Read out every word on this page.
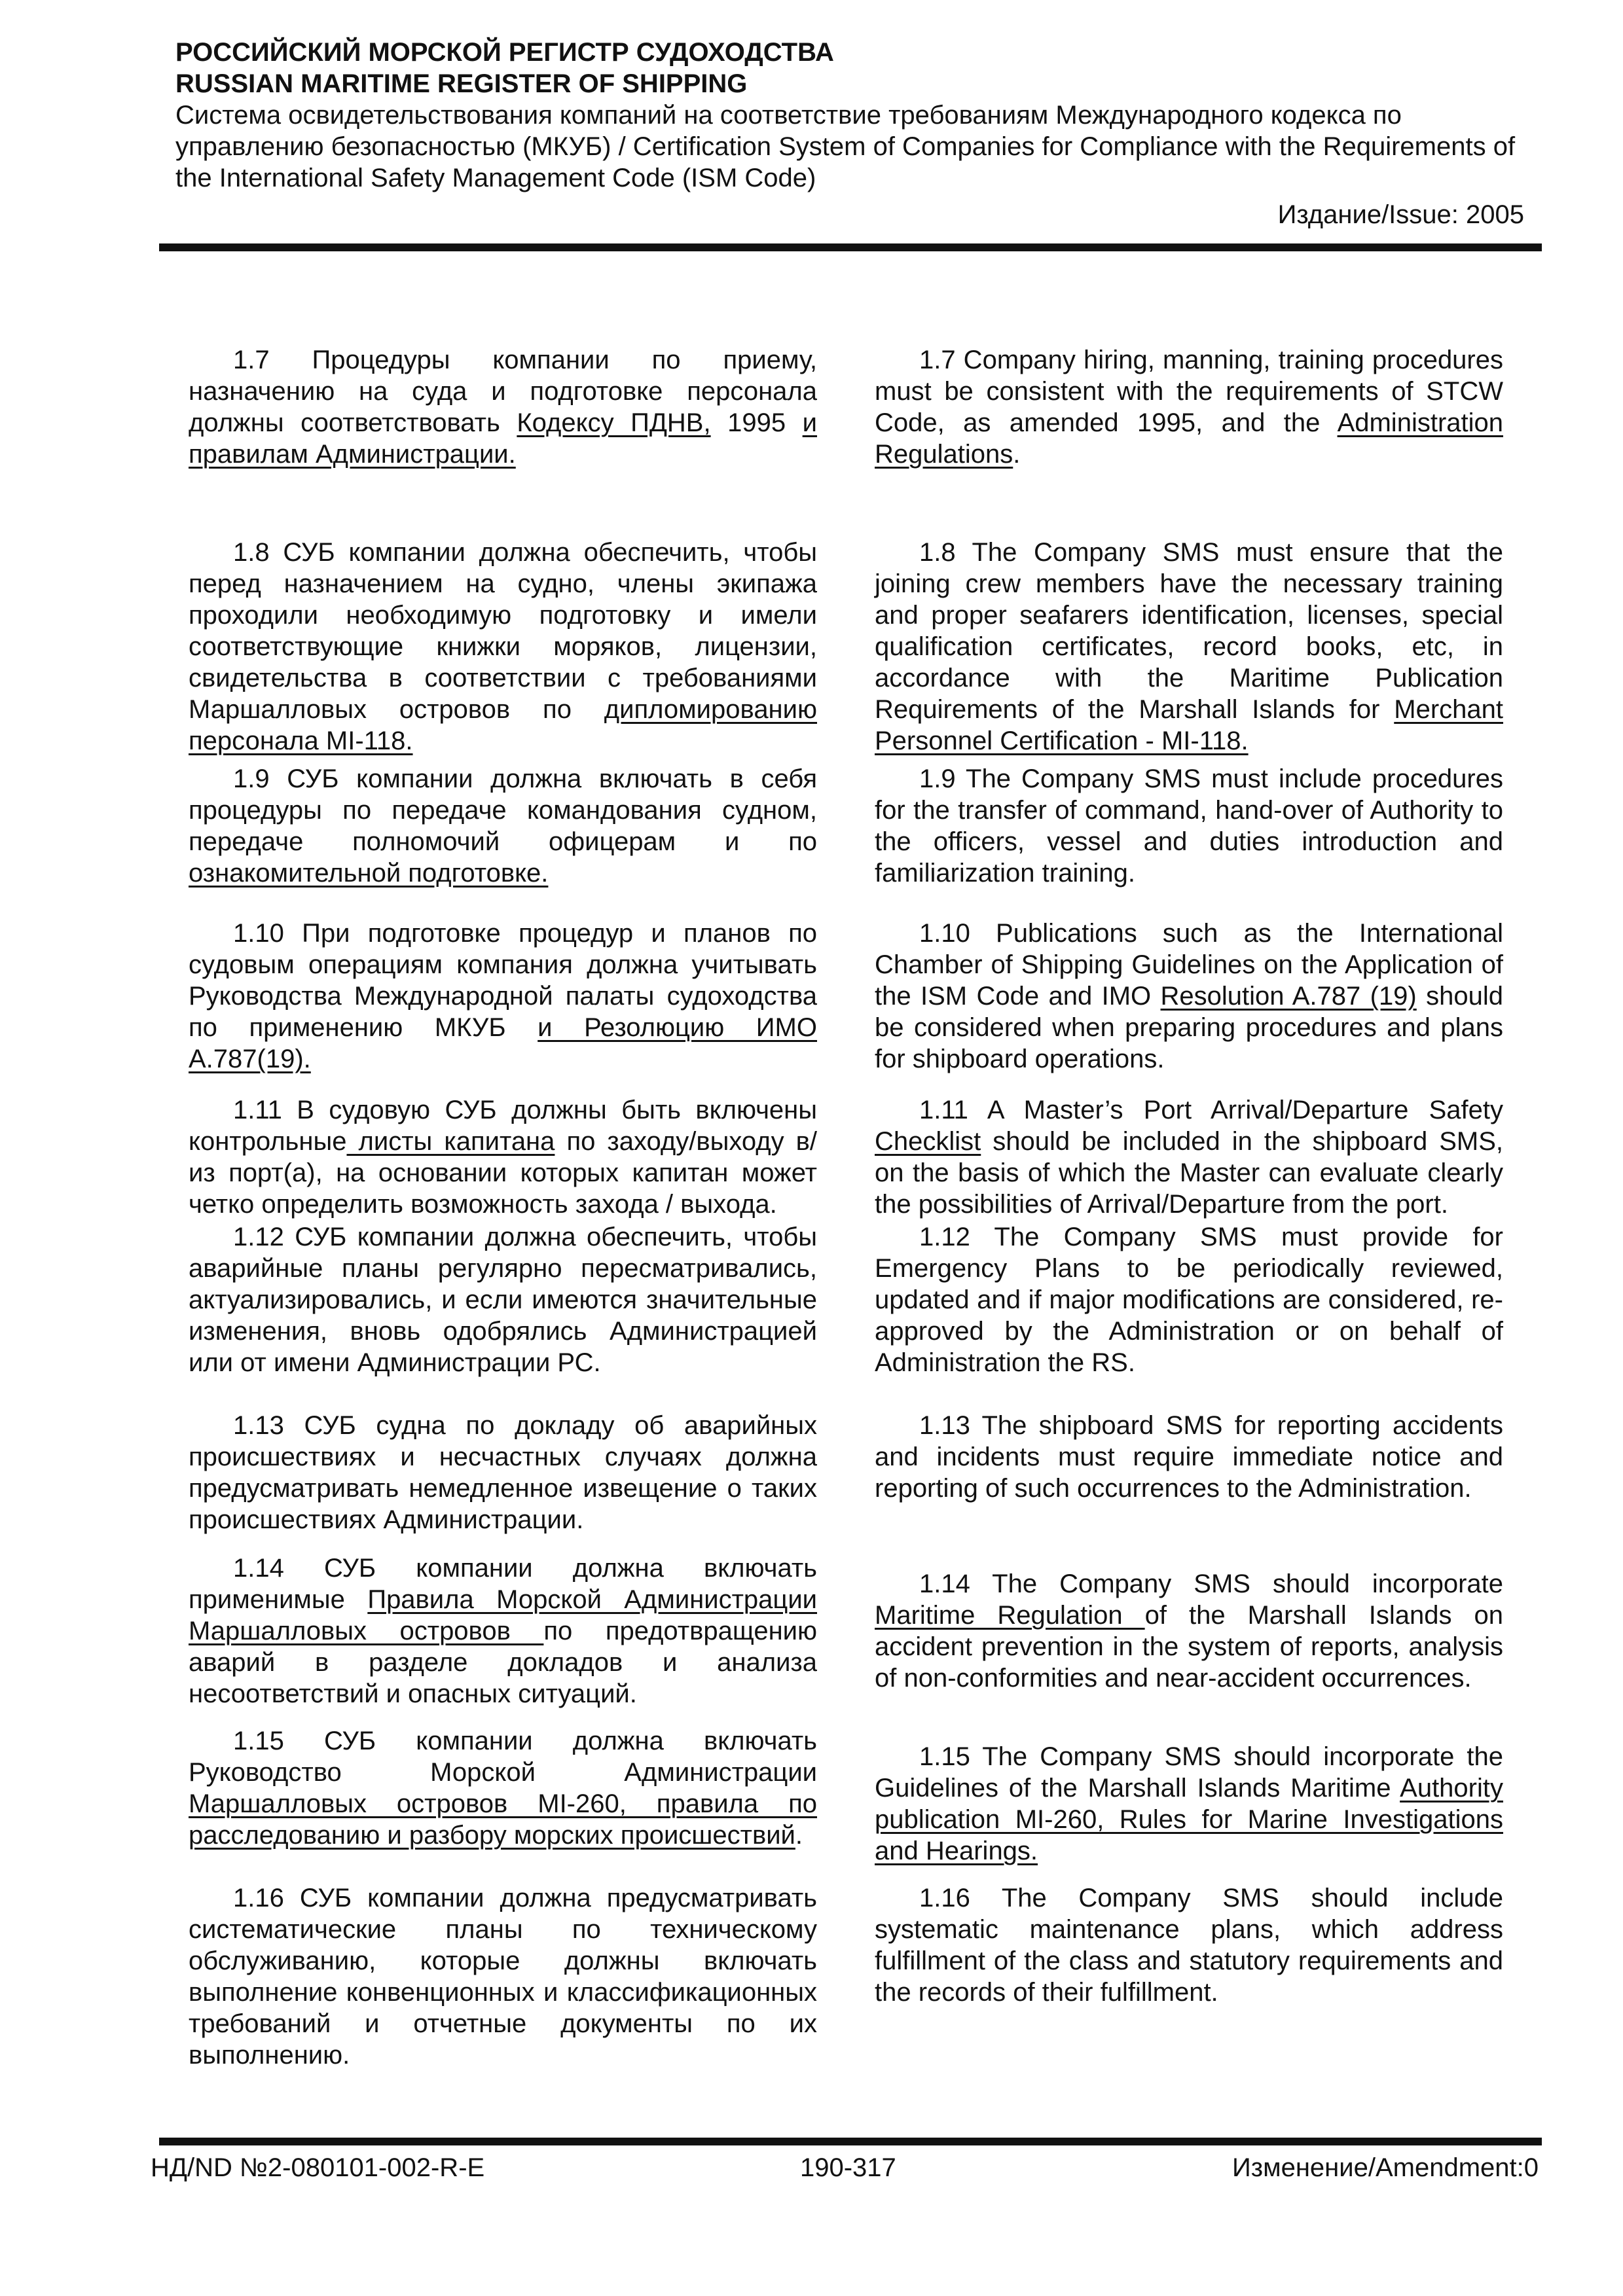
РОССИЙСКИЙ МОРСКОЙ РЕГИСТР СУДОХОДСТВА

RUSSIAN MARITIME REGISTER OF SHIPPING

Система освидетельствования компаний на соответствие требованиям Международного кодекса по управлению безопасностью (МКУБ) / Certification System of Companies for Compliance with the Requirements of the International Safety Management Code (ISM Code)

Издание/Issue: 2005

1.7 Процедуры компании по приему, назначению на суда и подготовке персонала должны соответствовать Кодексу ПДНВ, 1995 и правилам Администрации.

1.8 СУБ компании должна обеспечить, чтобы перед назначением на судно, члены экипажа проходили необходимую подготовку и имели соответствующие книжки моряков, лицензии, свидетельства в соответствии с требованиями Маршалловых островов по дипломированию персонала MI-118.

1.9 СУБ компании должна включать в себя процедуры по передаче командования судном, передаче полномочий офицерам и по ознакомительной подготовке.

1.10 При подготовке процедур и планов по судовым операциям компания должна учитывать Руководства Международной палаты судоходства по применению МКУБ и Резолюцию ИМО А.787(19).

1.11 В судовую СУБ должны быть включены контрольные листы капитана по заходу/выходу в/из порт(а), на основании которых капитан может четко определить возможность захода / выхода.

1.12 СУБ компании должна обеспечить, чтобы аварийные планы регулярно пересматривались, актуализировались, и если имеются значительные изменения, вновь одобрялись Администрацией или от имени Администрации РС.

1.13 СУБ судна по докладу об аварийных происшествиях и несчастных случаях должна предусматривать немедленное извещение о таких происшествиях Администрации.

1.14 СУБ компании должна включать применимые Правила Морской Администрации Маршалловых островов по предотвращению аварий в разделе докладов и анализа несоответствий и опасных ситуаций.

1.15 СУБ компании должна включать Руководство Морской Администрации Маршалловых островов MI-260, правила по расследованию и разбору морских происшествий.

1.16 СУБ компании должна предусматривать систематические планы по техническому обслуживанию, которые должны включать выполнение конвенционных и классификационных требований и отчетные документы по их выполнению.

1.7 Company hiring, manning, training procedures must be consistent with the requirements of STCW Code, as amended 1995, and the Administration Regulations.

1.8 The Company SMS must ensure that the joining crew members have the necessary training and proper seafarers identification, licenses, special qualification certificates, record books, etc, in accordance with the Maritime Publication Requirements of the Marshall Islands for Merchant Personnel Certification - MI-118.

1.9 The Company SMS must include procedures for the transfer of command, hand-over of Authority to the officers, vessel and duties introduction and familiarization training.

1.10 Publications such as the International Chamber of Shipping Guidelines on the Application of the ISM Code and IMO Resolution A.787 (19) should be considered when preparing procedures and plans for shipboard operations.

1.11 A Master’s Port Arrival/Departure Safety Checklist should be included in the shipboard SMS, on the basis of which the Master can evaluate clearly the possibilities of Arrival/Departure from the port.

1.12 The Company SMS must provide for Emergency Plans to be periodically reviewed, updated and if major modifications are considered, re-approved by the Administration or on behalf of Administration the RS.

1.13 The shipboard SMS for reporting accidents and incidents must require immediate notice and reporting of such occurrences to the Administration.

1.14 The Company SMS should incorporate Maritime Regulation of the Marshall Islands on accident prevention in the system of reports, analysis of non-conformities and near-accident occurrences.

1.15 The Company SMS should incorporate the Guidelines of the Marshall Islands Maritime Authority publication MI-260, Rules for Marine Investigations and Hearings.

1.16 The Company SMS should include systematic maintenance plans, which address fulfillment of the class and statutory requirements and the records of their fulfillment.

НД/ND №2-080101-002-R-E	190-317	Изменение/Amendment:0
